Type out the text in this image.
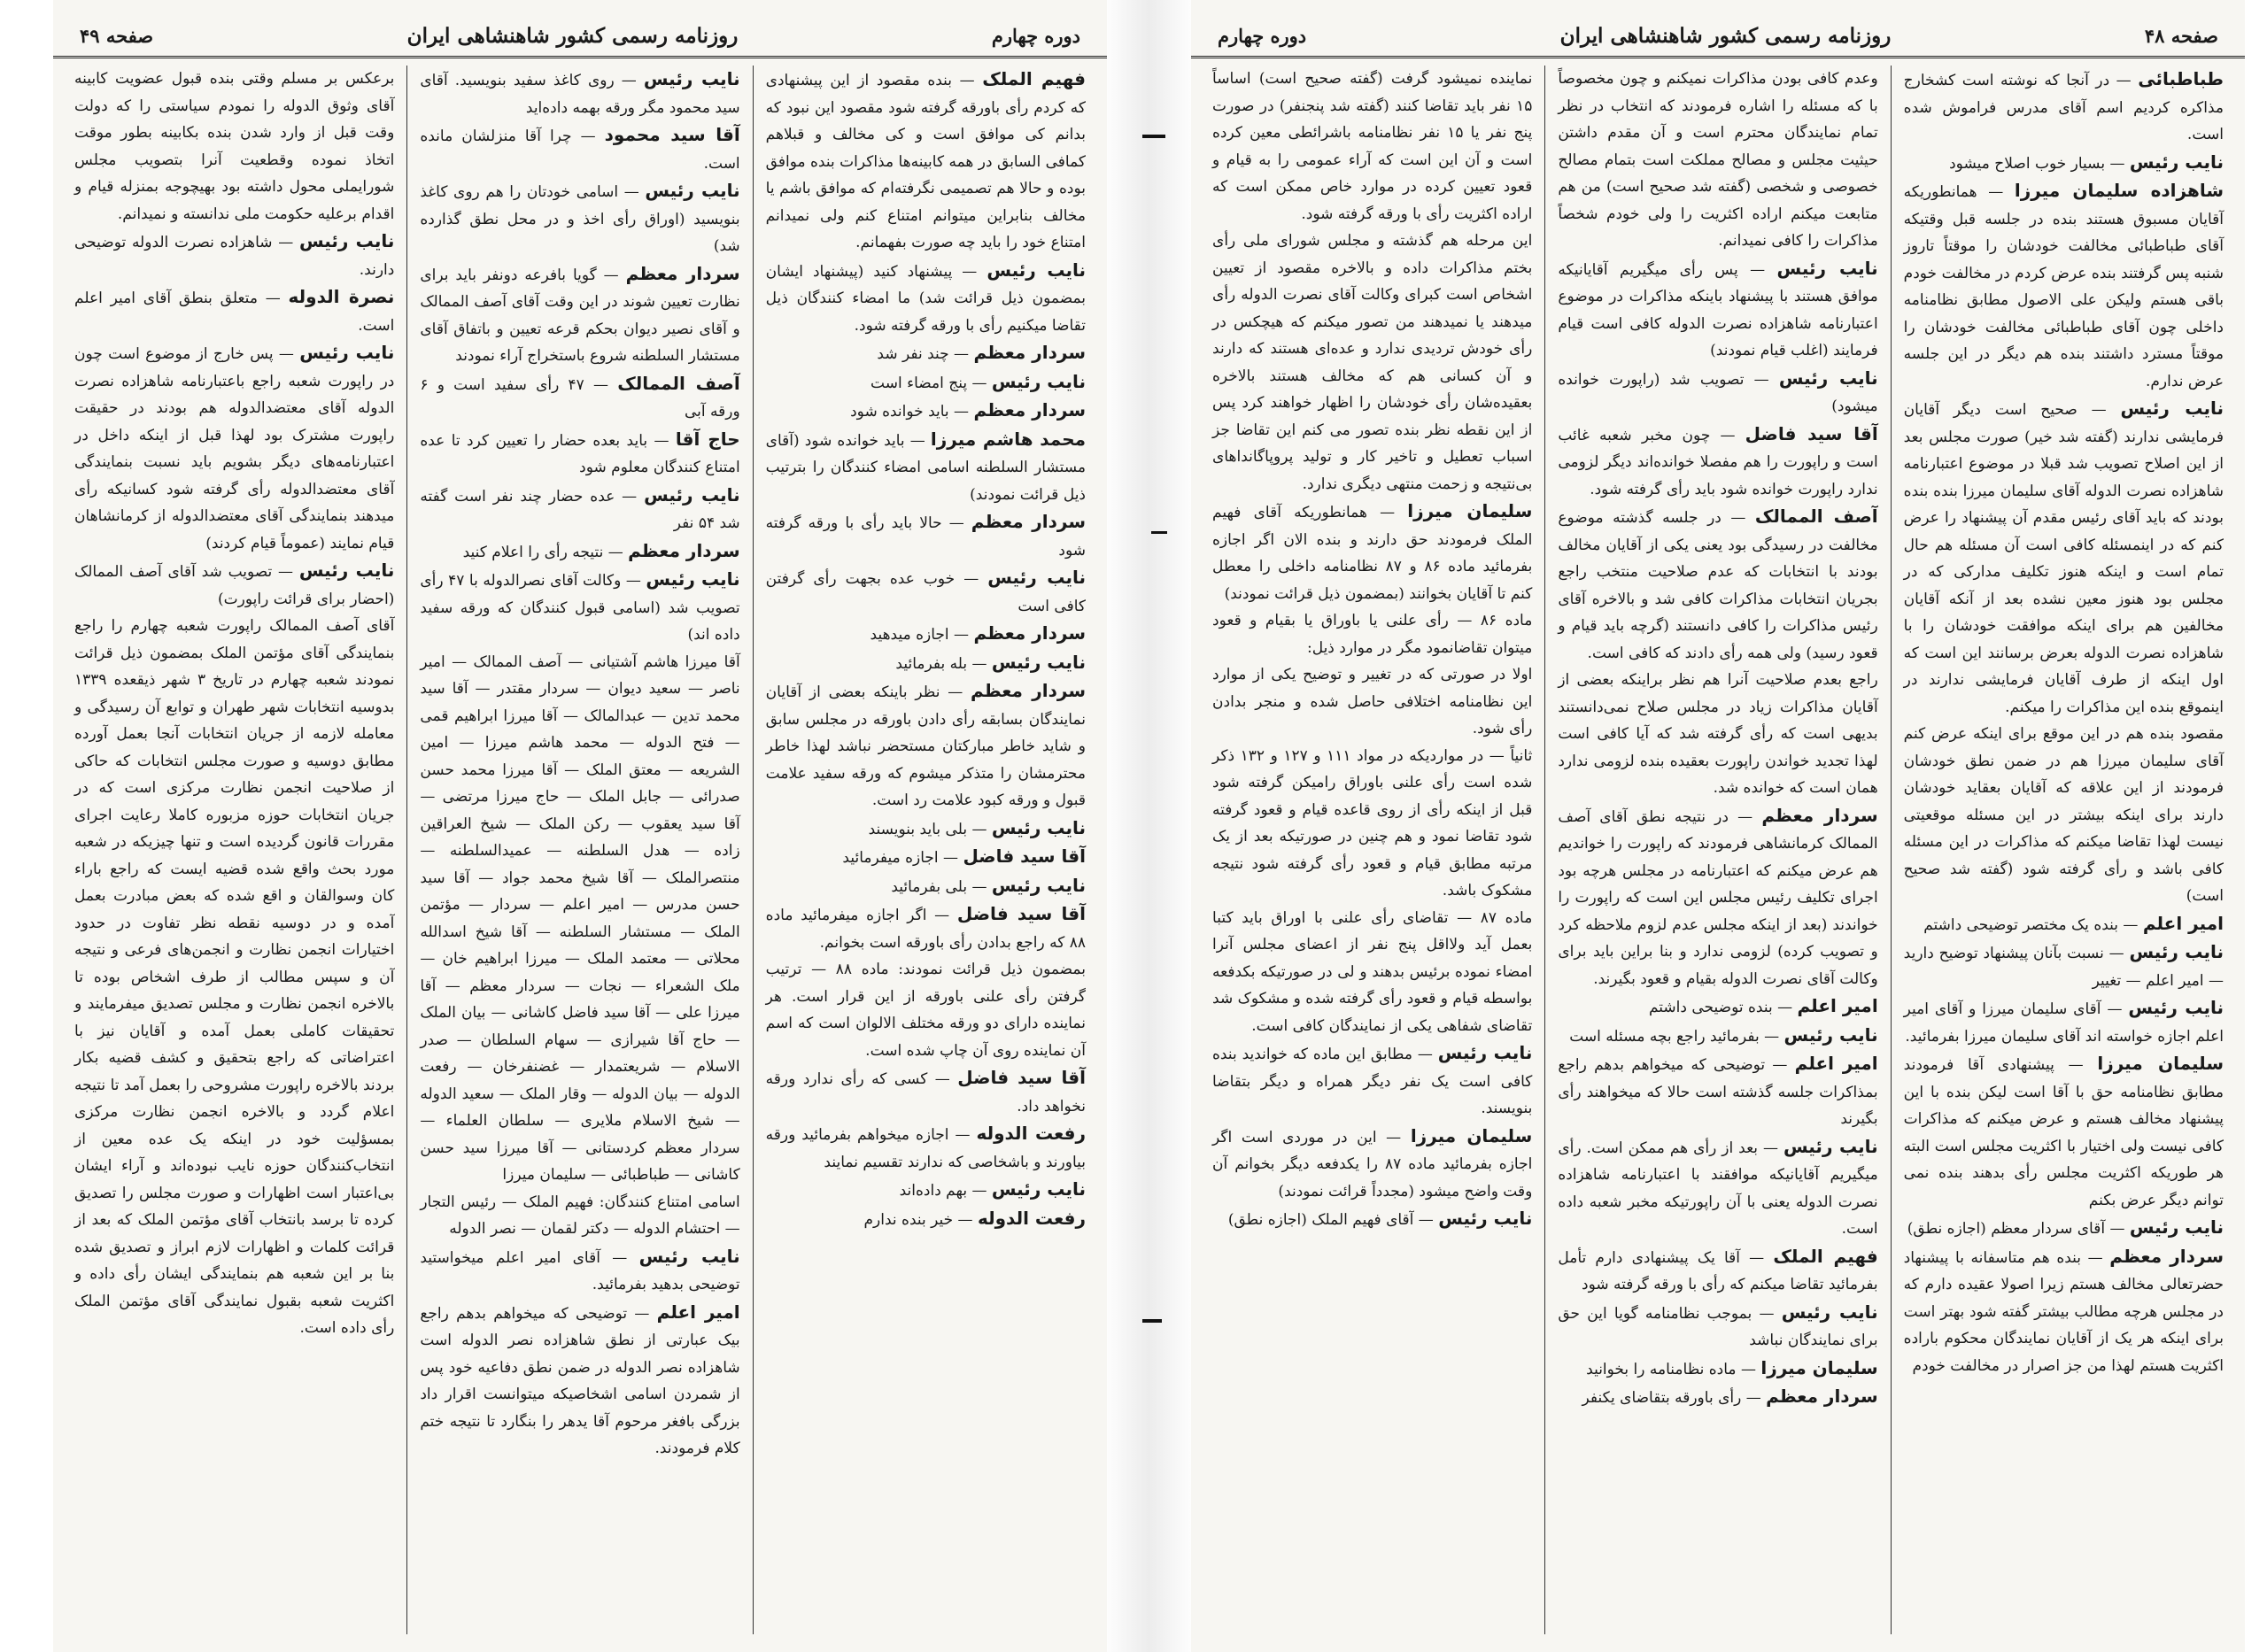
دوره چهارم
روزنامه رسمی کشور شاهنشاهی ایران
صفحه ۴۹

فهیم الملک — بنده مقصود از این پیشنهادی که کردم رأی باورقه گرفته شود مقصود این نبود که بدانم کی موافق است و کی مخالف و قبلاهم کمافی السابق در همه کابینه‌ها مذاکرات بنده موافق بوده و حالا هم تصمیمی نگرفته‌ام که موافق باشم یا مخالف بنابراین میتوانم امتناع کنم ولی نمیدانم امتناع خود را باید چه صورت بفهمانم.

نایب رئیس — پیشنهاد کنید (پیشنهاد ایشان بمضمون ذیل قرائت شد) ما امضاء کنندگان ذیل تقاضا میکنیم رأی با ورقه گرفته شود.

سردار معظم — چند نفر شد

نایب رئیس — پنج امضاء است

سردار معظم — باید خوانده شود

محمد هاشم میرزا — باید خوانده شود (آقای مستشار السلطنه اسامی امضاء کنندگان را بترتیب ذیل قرائت نمودند)

سردار معظم — حالا باید رأی با ورقه گرفته شود

نایب رئیس — خوب عده بجهت رأی گرفتن کافی است

سردار معظم — اجازه میدهید

نایب رئیس — بله بفرمائید

سردار معظم — نظر باینکه بعضی از آقایان نمایندگان بسابقه رأی دادن باورقه در مجلس سابق و شاید خاطر مبارکتان مستحضر نباشد لهذا خاطر محترمشان را متذکر میشوم که ورقه سفید علامت قبول و ورقه کبود علامت رد است.

نایب رئیس — بلی باید بنویسند

آقا سید فاضل — اجازه میفرمائید

نایب رئیس — بلی بفرمائید

آقا سید فاضل — اگر اجازه میفرمائید ماده ۸۸ که راجع بدادن رأی باورقه است بخوانم.

بمضمون ذیل قرائت نمودند: ماده ۸۸ — ترتیب گرفتن رأی علنی باورقه از این قرار است. هر نماینده دارای دو ورقه مختلف الالوان است که اسم آن نماینده روی آن چاپ شده است.

آقا سید فاضل — کسی که رأی ندارد ورقه نخواهد داد.

رفعت الدوله — اجازه میخواهم بفرمائید ورقه بیاورند و باشخاصی که ندارند تقسیم نمایند

نایب رئیس — بهم داده‌اند

رفعت الدوله — خیر بنده ندارم

نایب رئیس — روی کاغذ سفید بنویسید. آقای سید محمود مگر ورقه بهمه داده‌اید

آقا سید محمود — چرا آقا منزلشان مانده است.

نایب رئیس — اسامی خودتان را هم روی کاغذ بنویسید (اوراق رأی اخذ و در محل نطق گذارده شد)

سردار معظم — گویا بافرعه دونفر باید برای نظارت تعیین شوند در این وقت آقای آصف الممالک و آقای نصیر دیوان بحکم قرعه تعیین و باتفاق آقای مستشار السلطنه شروع باستخراج آراء نمودند

آصف الممالک — ۴۷ رأی سفید است و ۶ ورقه آبی

حاج آقا — باید بعده حضار را تعیین کرد تا عده امتناع کنندگان معلوم شود

نایب رئیس — عده حضار چند نفر است گفته شد ۵۴ نفر

سردار معظم — نتیجه رأی را اعلام کنید

نایب رئیس — وکالت آقای نصرالدوله با ۴۷ رأی تصویب شد (اسامی قبول کنندگان که ورقه سفید داده اند)

آقا میرزا هاشم آشتیانی — آصف الممالک — امیر ناصر — سعید دیوان — سردار مقتدر — آقا سید محمد تدین — عبدالمالک — آقا میرزا ابراهیم قمی — فتح الدوله — محمد هاشم میرزا — امین الشریعه — معتق الملک — آقا میرزا محمد حسن صدرائی — جابل الملک — حاج میرزا مرتضی — آقا سید یعقوب — رکن الملک — شیخ العراقین زاده — هدل السلطنه — عمیدالسلطنه — منتصرالملک — آقا شیخ محمد جواد — آقا سید حسن مدرس — امیر اعلم — سردار — مؤتمن الملک — مستشار السلطنه — آقا شیخ اسدالله محلاتی — معتمد الملک — میرزا ابراهیم خان — ملک الشعراء — نجات — سردار معظم — آقا میرزا علی — آقا سید فاضل کاشانی — بیان الملک — حاج آقا شیرازی — سهام السلطان — صدر الاسلام — شریعتمدار — غضنفرخان — رفعت الدوله — بیان الدوله — وقار الملک — سعید الدوله — شیخ الاسلام ملایری — سلطان العلماء — سردار معظم کردستانی — آقا میرزا سید حسن کاشانی — طباطبائی — سلیمان میرزا

اسامی امتناع کنندگان: فهیم الملک — رئیس التجار — احتشام الدوله — دکتر لقمان — نصر الدوله

نایب رئیس — آقای امیر اعلم میخواستید توضیحی بدهید بفرمائید.

امیر اعلم — توضیحی که میخواهم بدهم راجع بیک عبارتی از نطق شاهزاده نصر الدوله است شاهزاده نصر الدوله در ضمن نطق دفاعیه خود پس از شمردن اسامی اشخاصیکه میتوانست اقرار داد بزرگی بافغر مرحوم آقا یدهر را بنگارد تا نتیجه ختم کلام فرمودند.

برعکس بر مسلم وقتی بنده قبول عضویت کابینه آقای وثوق الدوله را نمودم سیاستی را که دولت وقت قبل از وارد شدن بنده بکابینه بطور موقت اتخاذ نموده وقطعیت آنرا بتصویب مجلس شورایملی محول داشته بود بهیچوجه بمنزله قیام و اقدام برعلیه حکومت ملی ندانسته و نمیدانم.

نایب رئیس — شاهزاده نصرت الدوله توضیحی دارند.

نصرة الدوله — متعلق بنطق آقای امیر اعلم است.

نایب رئیس — پس خارج از موضوع است چون در راپورت شعبه راجع باعتبارنامه شاهزاده نصرت الدوله آقای معتضدالدوله هم بودند در حقیقت راپورت مشترک بود لهذا قبل از اینکه داخل در اعتبارنامه‌های دیگر بشویم باید نسبت بنمایندگی آقای معتضدالدوله رأی گرفته شود کسانیکه رأی میدهند بنمایندگی آقای معتضدالدوله از کرمانشاهان قیام نمایند (عموماً قیام کردند)

نایب رئیس — تصویب شد آقای آصف الممالک (احضار برای قرائت راپورت)

آقای آصف الممالک راپورت شعبه چهارم را راجع بنمایندگی آقای مؤتمن الملک بمضمون ذیل قرائت نمودند شعبه چهارم در تاریخ ۳ شهر ذیقعده ۱۳۳۹ بدوسیه انتخابات شهر طهران و توابع آن رسیدگی و معامله لازمه از جریان انتخابات آنجا بعمل آورده مطابق دوسیه و صورت مجلس انتخابات که حاکی از صلاحیت انجمن نظارت مرکزی است که در جریان انتخابات حوزه مزبوره کاملا رعایت اجرای مقررات قانون گردیده است و تنها چیزیکه در شعبه مورد بحث واقع شده قضیه ایست که راجع باراء کان وسوالقان و اقع شده که بعض مبادرت بعمل آمده و در دوسیه نقطه نظر تفاوت در حدود اختیارات انجمن نظارت و انجمن‌های فرعی و نتیجه آن و سپس مطالب از طرف اشخاص بوده تا بالاخره انجمن نظارت و مجلس تصدیق میفرمایند و تحقیقات کاملی بعمل آمده و آقایان نیز با اعتراضاتی که راجع بتحقیق و کشف قضیه بکار بردند بالاخره راپورت مشروحی را بعمل آمد تا نتیجه اعلام گردد و بالاخره انجمن نظارت مرکزی بمسؤلیت خود در اینکه یک عده معین از انتخاب‌کنندگان حوزه نایب نبوده‌اند و آراء ایشان بی‌اعتبار است اظهارات و صورت مجلس را تصدیق کرده تا برسد بانتخاب آقای مؤتمن الملک که بعد از قرائت کلمات و اظهارات لازم ابراز و تصدیق شده بنا بر این شعبه هم بنمایندگی ایشان رأی داده و اکثریت شعبه بقبول نمایندگی آقای مؤتمن الملک رأی داده است.

صفحه ۴۸
روزنامه رسمی کشور شاهنشاهی ایران
دوره چهارم

طباطبائی — در آنجا که نوشته است کشخارج مذاکره کردیم اسم آقای مدرس فراموش شده است.

نایب رئیس — بسیار خوب اصلاح میشود

شاهزاده سلیمان میرزا — همانطوریکه آقایان مسبوق هستند بنده در جلسه قبل وقتیکه آقای طباطبائی مخالفت خودشان را موقتاً تاروز شنبه پس گرفتند بنده عرض کردم در مخالفت خودم باقی هستم ولیکن علی الاصول مطابق نظامنامه داخلی چون آقای طباطبائی مخالفت خودشان را موقتاً مسترد داشتند بنده هم دیگر در این جلسه عرض ندارم.

نایب رئیس — صحیح است دیگر آقایان فرمایشی ندارند (گفته شد خیر) صورت مجلس بعد از این اصلاح تصویب شد قبلا در موضوع اعتبارنامه شاهزاده نصرت الدوله آقای سلیمان میرزا بنده بنده بودند که باید آقای رئیس مقدم آن پیشنهاد را عرض کنم که در اینمسئله کافی است آن مسئله هم حال تمام است و اینکه هنوز تکلیف مدارکی که در مجلس بود هنوز معین نشده بعد از آنکه آقایان مخالفین هم برای اینکه موافقت خودشان را با شاهزاده نصرت الدوله بعرض برسانند این است که اول اینکه از طرف آقایان فرمایشی ندارند در اینموقع بنده این مذاکرات را میکنم.

مقصود بنده هم در این موقع برای اینکه عرض کنم آقای سلیمان میرزا هم در ضمن نطق خودشان فرمودند از این علاقه که آقایان بعقاید خودشان دارند برای اینکه بیشتر در این مسئله موقعیتی نیست لهذا تقاضا میکنم که مذاکرات در این مسئله کافی باشد و رأی گرفته شود (گفته شد صحیح است)

امیر اعلم — بنده یک مختصر توضیحی داشتم

نایب رئیس — نسبت بآنان پیشنهاد توضیح دارید — امیر اعلم — تغییر

نایب رئیس — آقای سلیمان میرزا و آقای امیر اعلم اجازه خواسته اند آقای سلیمان میرزا بفرمائید.

سلیمان میرزا — پیشنهادی آقا فرمودند مطابق نظامنامه حق با آقا است لیکن بنده با این پیشنهاد مخالف هستم و عرض میکنم که مذاکرات کافی نیست ولی اختیار با اکثریت مجلس است البته هر طوریکه اکثریت مجلس رأی بدهند بنده نمی توانم دیگر عرض بکنم

نایب رئیس — آقای سردار معظم (اجازه نطق)

سردار معظم — بنده هم متاسفانه با پیشنهاد حضرتعالی مخالف هستم زیرا اصولا عقیده دارم که در مجلس هرچه مطالب بیشتر گفته شود بهتر است برای اینکه هر یک از آقایان نمایندگان محکوم باراده اکثریت هستم لهذا من جز اصرار در مخالفت خودم

وعدم کافی بودن مذاکرات نمیکنم و چون مخصوصاً با که مسئله را اشاره فرمودند که انتخاب در نظر تمام نمایندگان محترم است و آن مقدم داشتن حیثیت مجلس و مصالح مملکت است بتمام مصالح خصوصی و شخصی (گفته شد صحیح است) من هم متابعت میکنم اراده اکثریت را ولی خودم شخصاً مذاکرات را کافی نمیدانم.

نایب رئیس — پس رأی میگیریم آقایانیکه موافق هستند با پیشنهاد باینکه مذاکرات در موضوع اعتبارنامه شاهزاده نصرت الدوله کافی است قیام فرمایند (اغلب قیام نمودند)

نایب رئیس — تصویب شد (راپورت خوانده میشود)

آقا سید فاضل — چون مخبر شعبه غائب است و راپورت را هم مفصلا خوانده‌اند دیگر لزومی ندارد راپورت خوانده شود باید رأی گرفته شود.

آصف الممالک — در جلسه گذشته موضوع مخالفت در رسیدگی بود یعنی یکی از آقایان مخالف بودند با انتخابات که عدم صلاحیت منتخب راجع بجریان انتخابات مذاکرات کافی شد و بالاخره آقای رئیس مذاکرات را کافی دانستند (گرچه باید قیام و قعود رسید) ولی همه رأی دادند که کافی است.

راجع بعدم صلاحیت آنرا هم نظر براینکه بعضی از آقایان مذاکرات زیاد در مجلس صلاح نمی‌دانستند بدیهی است که رأی گرفته شد که آیا کافی است لهذا تجدید خواندن راپورت بعقیده بنده لزومی ندارد همان است که خوانده شد.

سردار معظم — در نتیجه نطق آقای آصف الممالک کرمانشاهی فرمودند که راپورت را خواندیم هم عرض میکنم که اعتبارنامه در مجلس هرچه بود اجرای تکلیف رئیس مجلس این است که راپورت را خواندند (بعد از اینکه مجلس عدم لزوم ملاحظه کرد و تصویب کرده) لزومی ندارد و بنا براین باید برای وکالت آقای نصرت الدوله بقیام و قعود بگیرند.

امیر اعلم — بنده توضیحی داشتم

نایب رئیس — بفرمائید راجع بچه مسئله است

امیر اعلم — توضیحی که میخواهم بدهم راجع بمذاکرات جلسه گذشته است حالا که میخواهند رأی بگیرند

نایب رئیس — بعد از رأی هم ممکن است. رأی میگیریم آقایانیکه موافقند با اعتبارنامه شاهزاده نصرت الدوله یعنی با آن راپورتیکه مخبر شعبه داده است.

فهیم الملک — آقا یک پیشنهادی دارم تأمل بفرمائید تقاضا میکنم که رأی با ورقه گرفته شود

نایب رئیس — بموجب نظامنامه گویا این حق برای نمایندگان نباشد

سلیمان میرزا — ماده نظامنامه را بخوانید

سردار معظم — رأی باورقه بتقاضای یکنفر

نماینده نمیشود گرفت (گفته صحیح است) اساساً ۱۵ نفر باید تقاضا کنند (گفته شد پنجنفر) در صورت پنج نفر یا ۱۵ نفر نظامنامه باشرائطی معین کرده است و آن این است که آراء عمومی را به قیام و قعود تعیین کرده در موارد خاص ممکن است که اراده اکثریت رأی با ورقه گرفته شود.

این مرحله هم گذشته و مجلس شورای ملی رأی بختم مذاکرات داده و بالاخره مقصود از تعیین اشخاص است کبرای وکالت آقای نصرت الدوله رأی میدهند یا نمیدهند من تصور میکنم که هیچکس در رأی خودش تردیدی ندارد و عده‌ای هستند که دارند و آن کسانی هم که مخالف هستند بالاخره بعقیده‌شان رأی خودشان را اظهار خواهند کرد پس از این نقطه نظر بنده تصور می کنم این تقاضا جز اسباب تعطیل و تاخیر کار و تولید پروپاگانداهای بی‌نتیجه و زحمت منتهی دیگری ندارد.

سلیمان میرزا — همانطوریکه آقای فهیم الملک فرمودند حق دارند و بنده الان اگر اجازه بفرمائید ماده ۸۶ و ۸۷ نظامنامه داخلی را معطل کنم تا آقایان بخوانند (بمضمون ذیل قرائت نمودند)

ماده ۸۶ — رأی علنی یا باوراق یا بقیام و قعود میتوان تقاضانمود مگر در موارد ذیل:

اولا در صورتی که در تغییر و توضیح یکی از موارد این نظامنامه اختلافی حاصل شده و منجر بدادن رأی شود.

ثانیاً — در مواردیکه در مواد ۱۱۱ و ۱۲۷ و ۱۳۲ ذکر شده است رأی علنی باوراق رامیکن گرفته شود قبل از اینکه رأی از روی قاعده قیام و قعود گرفته شود تقاضا نمود و هم چنین در صورتیکه بعد از یک مرتبه مطابق قیام و قعود رأی گرفته شود نتیجه مشکوک باشد.

ماده ۸۷ — تقاضای رأی علنی با اوراق باید کتبا بعمل آید ولااقل پنج نفر از اعضای مجلس آنرا امضاء نموده برئیس بدهند و لی در صورتیکه بکدفعه بواسطه قیام و قعود رأی گرفته شده و مشکوک شد تقاضای شفاهی یکی از نمایندگان کافی است.

نایب رئیس — مطابق این ماده که خواندید بنده کافی است یک نفر دیگر همراه و دیگر بتقاضا بنویسند.

سلیمان میرزا — این در موردی است اگر اجازه بفرمائید ماده ۸۷ را یکدفعه دیگر بخوانم آن وقت واضح میشود (مجدداً قرائت نمودند)

نایب رئیس — آقای فهیم الملک (اجازه نطق)
